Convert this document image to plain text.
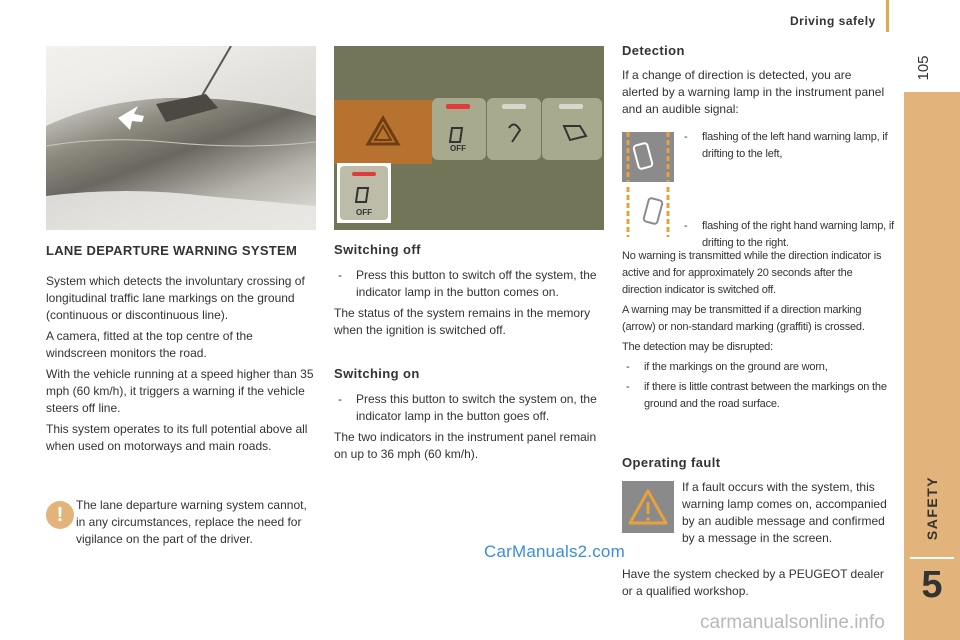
Driving safely
105
SAFETY
5
OFF
OFF
LANE DEPARTURE WARNING SYSTEM
System which detects the involuntary crossing of longitudinal traffic lane markings on the ground (continuous or discontinuous line).
A camera, fitted at the top centre of the windscreen monitors the road.
With the vehicle running at a speed higher than 35 mph (60 km/h), it triggers a warning if the vehicle steers off line.
This system operates to its full potential above all when used on motorways and main roads.
!	The lane departure warning system cannot, in any circumstances, replace the need for vigilance on the part of the driver.
Switching off
- Press this button to switch off the system, the indicator lamp in the button comes on.
The status of the system remains in the memory when the ignition is switched off.
Switching on
- Press this button to switch the system on, the indicator lamp in the button goes off.
The two indicators in the instrument panel remain on up to 36 mph (60 km/h).
Detection
If a change of direction is detected, you are alerted by a warning lamp in the instrument panel and an audible signal:
- flashing of the left hand warning lamp, if drifting to the left,
- flashing of the right hand warning lamp, if drifting to the right.
No warning is transmitted while the direction indicator is active and for approximately 20 seconds after the direction indicator is switched off.
A warning may be transmitted if a direction marking (arrow) or non-standard marking (graffiti) is crossed.
The detection may be disrupted:
- if the markings on the ground are worn,
- if there is little contrast between the markings on the ground and the road surface.
Operating fault
If a fault occurs with the system, this warning lamp comes on, accompanied by an audible message and confirmed by a message in the screen.
Have the system checked by a PEUGEOT dealer or a qualified workshop.
CarManuals2.com
carmanualsonline.info
